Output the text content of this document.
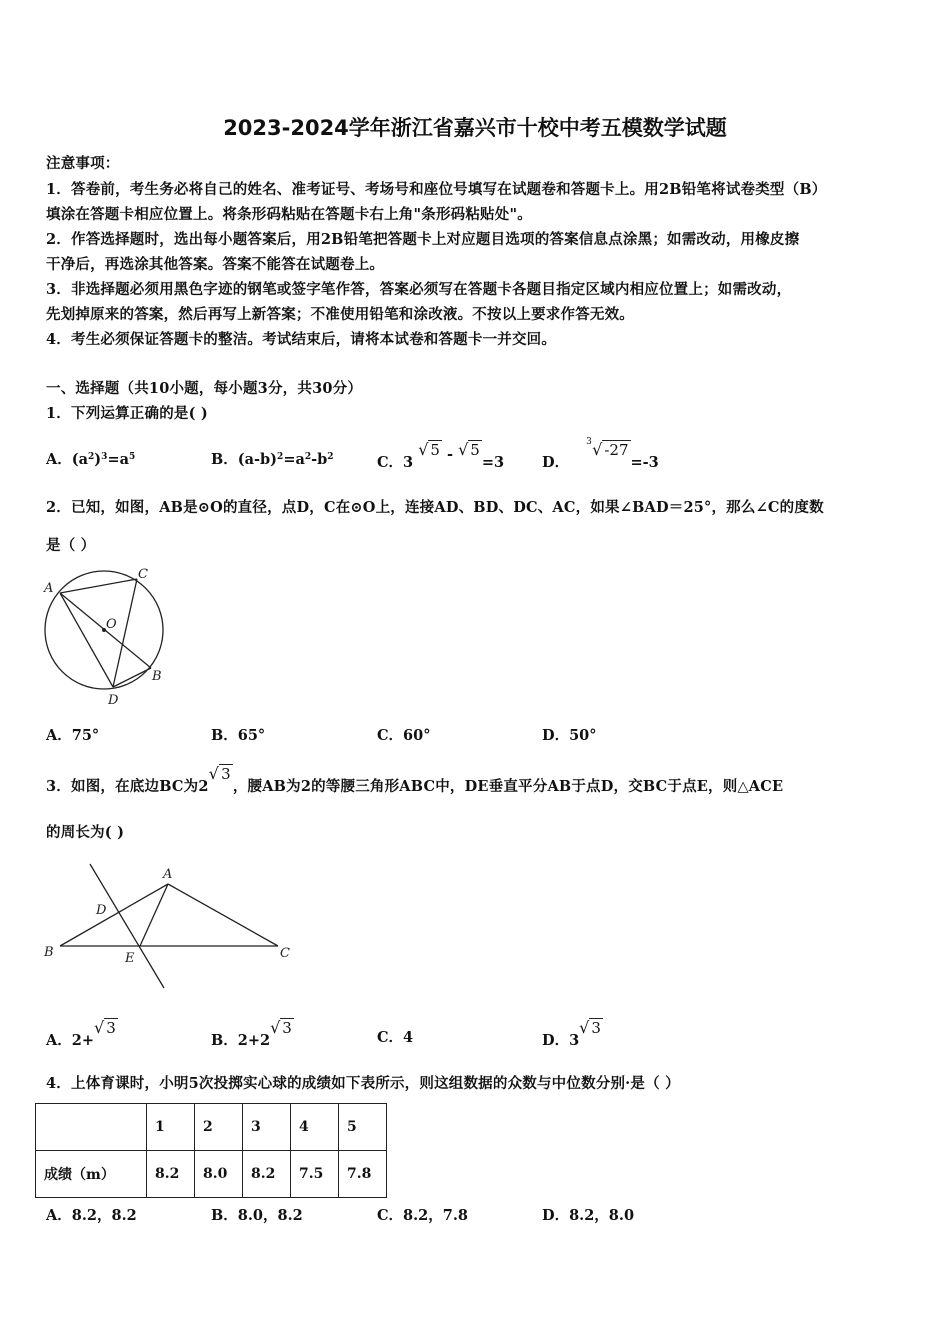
2023-2024学年浙江省嘉兴市十校中考五模数学试题
注意事项：
1．答卷前，考生务必将自己的姓名、准考证号、考场号和座位号填写在试题卷和答题卡上。用2B铅笔将试卷类型（B）
填涂在答题卡相应位置上。将条形码粘贴在答题卡右上角"条形码粘贴处"。
2．作答选择题时，选出每小题答案后，用2B铅笔把答题卡上对应题目选项的答案信息点涂黑；如需改动，用橡皮擦
干净后，再选涂其他答案。答案不能答在试题卷上。
3．非选择题必须用黑色字迹的钢笔或签字笔作答，答案必须写在答题卡各题目指定区域内相应位置上；如需改动，
先划掉原来的答案，然后再写上新答案；不准使用铅笔和涂改液。不按以上要求作答无效。
4．考生必须保证答题卡的整洁。考试结束后，请将本试卷和答题卡一并交回。
一、选择题（共10小题，每小题3分，共30分）
1．下列运算正确的是( )
A．$(a^2)^3=a^5$	B．$(a-b)^2=a^2-b^2$	C．3 √ 5 - √ 5=3	D．
3 √ -27=-3
2．已知，如图，AB是⊙O的直径，点D，C在⊙O上，连接AD、BD、DC、AC，如果∠BAD＝25°，那么∠C的度数
是（ ）
A
C
O
B
D
A．75°	B．65°	C．60°	D．50°
3．如图，在底边BC为2√ 3，腰AB为2的等腰三角形ABC中，DE垂直平分AB于点D，交BC于点E，则△ACE
的周长为( )
A
D
B	E	C
A．2+√ 3
B．2+2√ 3
C．4	D．3√ 3
4．上体育课时，小明5次投掷实心球的成绩如下表所示，则这组数据的众数与中位数分别·是（ ）
	1	2	3	4	5
成绩（m）	8.2	8.0	8.2	7.5	7.8
A．8.2，8.2	B．8.0，8.2	C．8.2，7.8	D．8.2，8.0
